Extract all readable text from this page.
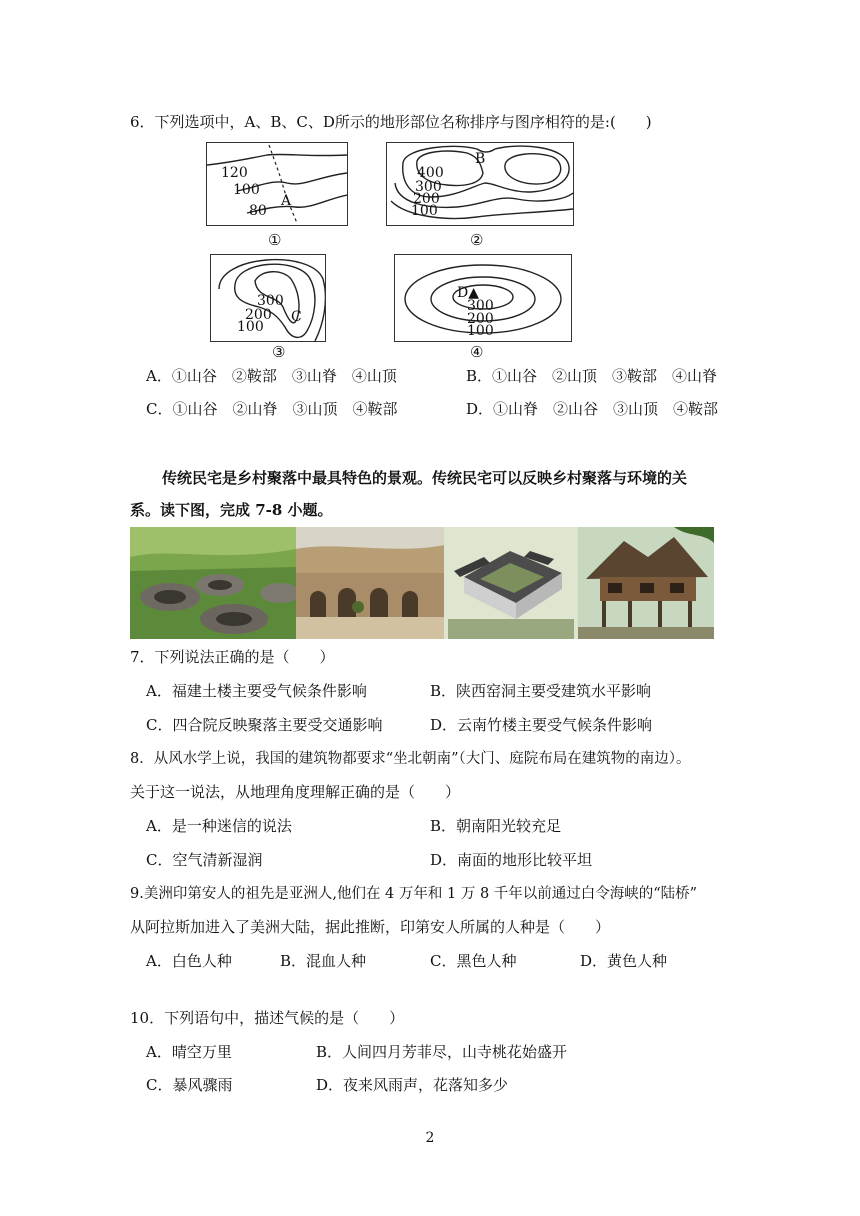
6．下列选项中，A、B、C、D所示的地形部位名称排序与图序相符的是:(　　)
120
100
80
A
①
400
300
200
100
B
②
300
200
100
C
③
D▲
300
200
100
④
A．①山谷　②鞍部　③山脊　④山顶	B．①山谷　②山顶　③鞍部　④山脊
C．①山谷　②山脊　③山顶　④鞍部	D．①山脊　②山谷　③山顶　④鞍部
传统民宅是乡村聚落中最具特色的景观。传统民宅可以反映乡村聚落与环境的关
系。读下图，完成 7-8 小题。
7．下列说法正确的是（　　）
A．福建土楼主要受气候条件影响	B．陕西窑洞主要受建筑水平影响
C．四合院反映聚落主要受交通影响	D．云南竹楼主要受气候条件影响
8．从风水学上说，我国的建筑物都要求“坐北朝南”（大门、庭院布局在建筑物的南边）。
关于这一说法，从地理角度理解正确的是（　　）
A．是一种迷信的说法	B．朝南阳光较充足
C．空气清新湿润	D．南面的地形比较平坦
9.美洲印第安人的祖先是亚洲人,他们在 4 万年和 1 万 8 千年以前通过白令海峡的“陆桥”
从阿拉斯加进入了美洲大陆，据此推断，印第安人所属的人种是（　　）
A．白色人种	B．混血人种	C．黑色人种	D．黄色人种
10．下列语句中，描述气候的是（　　）
A．晴空万里	B．人间四月芳菲尽，山寺桃花始盛开
C．暴风骤雨	D．夜来风雨声，花落知多少
2
